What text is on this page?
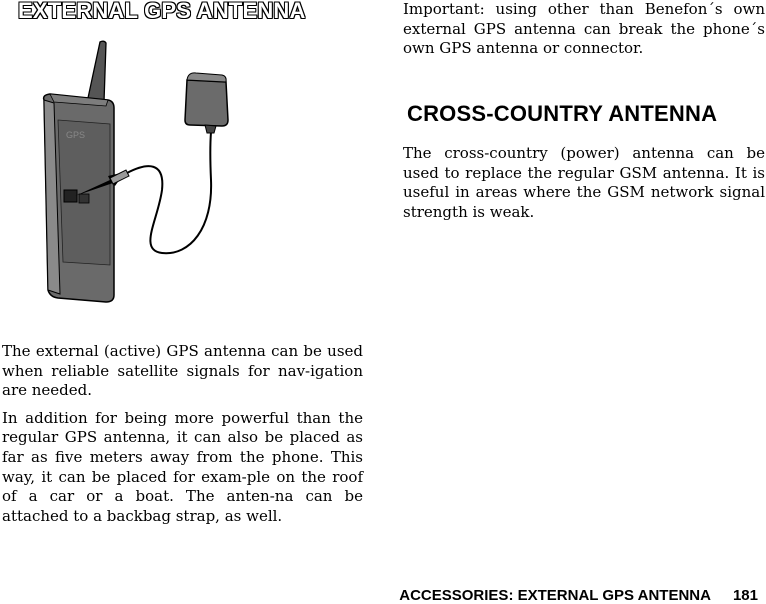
EXTERNAL GPS ANTENNA
GPS

The external (active) GPS antenna can be used when reliable satellite signals for nav-igation are needed.

In addition for being more powerful than the regular GPS antenna, it can also be placed as far as five meters away from the phone. This way, it can be placed for exam-ple on the roof of a car or a boat. The anten-na can be attached to a backbag strap, as well.

Important: using other than Benefon´s own external GPS antenna can break the phone´s own GPS antenna or connector.

CROSS-COUNTRY ANTENNA

The cross-country (power) antenna can be used to replace the regular GSM antenna. It is useful in areas where the GSM network signal strength is weak.

ACCESSORIES: EXTERNAL GPS ANTENNA 181
